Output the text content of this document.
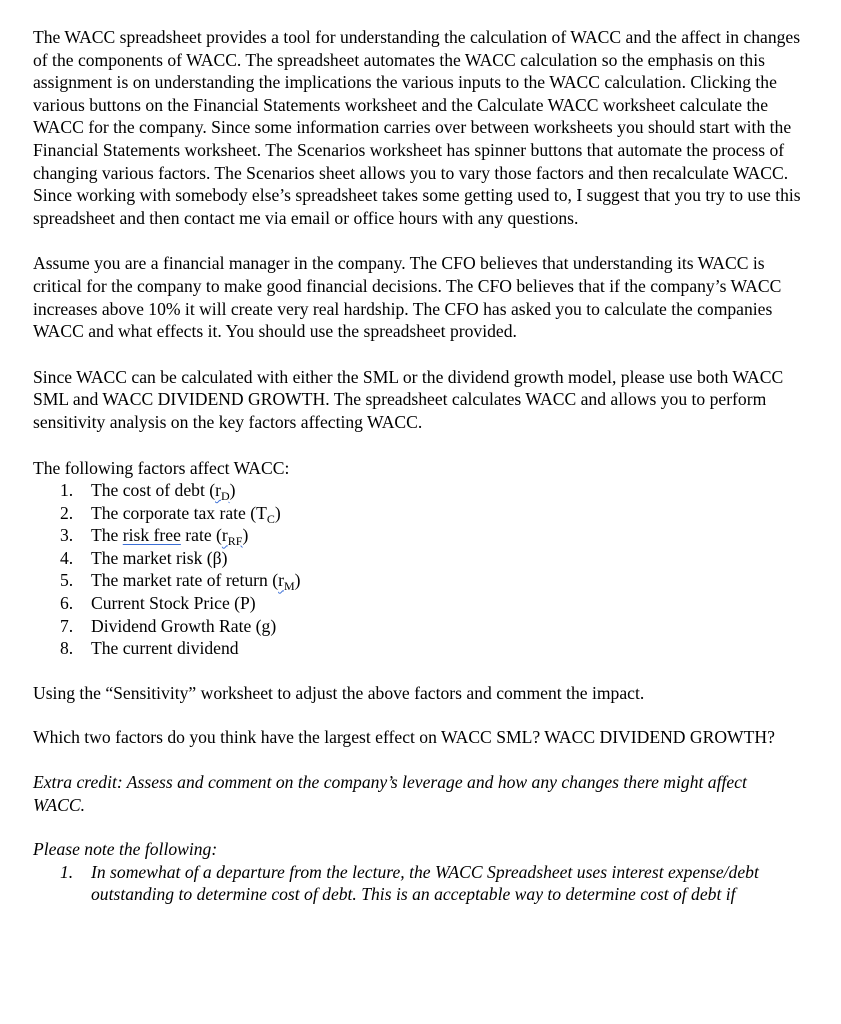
The WACC spreadsheet provides a tool for understanding the calculation of WACC and the affect in changes of the components of WACC. The spreadsheet automates the WACC calculation so the emphasis on this assignment is on understanding the implications the various inputs to the WACC calculation. Clicking the various buttons on the Financial Statements worksheet and the Calculate WACC worksheet calculate the WACC for the company. Since some information carries over between worksheets you should start with the Financial Statements worksheet. The Scenarios worksheet has spinner buttons that automate the process of changing various factors. The Scenarios sheet allows you to vary those factors and then recalculate WACC. Since working with somebody else’s spreadsheet takes some getting used to, I suggest that you try to use this spreadsheet and then contact me via email or office hours with any questions.

Assume you are a financial manager in the company. The CFO believes that understanding its WACC is critical for the company to make good financial decisions. The CFO believes that if the company’s WACC increases above 10% it will create very real hardship. The CFO has asked you to calculate the companies WACC and what effects it. You should use the spreadsheet provided.

Since WACC can be calculated with either the SML or the dividend growth model, please use both WACC SML and WACC DIVIDEND GROWTH. The spreadsheet calculates WACC and allows you to perform sensitivity analysis on the key factors affecting WACC.

The following factors affect WACC:

1.	The cost of debt $(r_D)$
2.	The corporate tax rate $(T_C)$
3.	The risk free rate $(r_{RF})$
4.	The market risk (β)
5.	The market rate of return $(r_M)$
6.	Current Stock Price (P)
7.	Dividend Growth Rate (g)
8.	The current dividend

Using the “Sensitivity” worksheet to adjust the above factors and comment the impact.

Which two factors do you think have the largest effect on WACC SML? WACC DIVIDEND GROWTH?

Extra credit: Assess and comment on the company’s leverage and how any changes there might affect WACC.

Please note the following:

1.	In somewhat of a departure from the lecture, the WACC Spreadsheet uses interest expense/debt outstanding to determine cost of debt. This is an acceptable way to determine cost of debt if
